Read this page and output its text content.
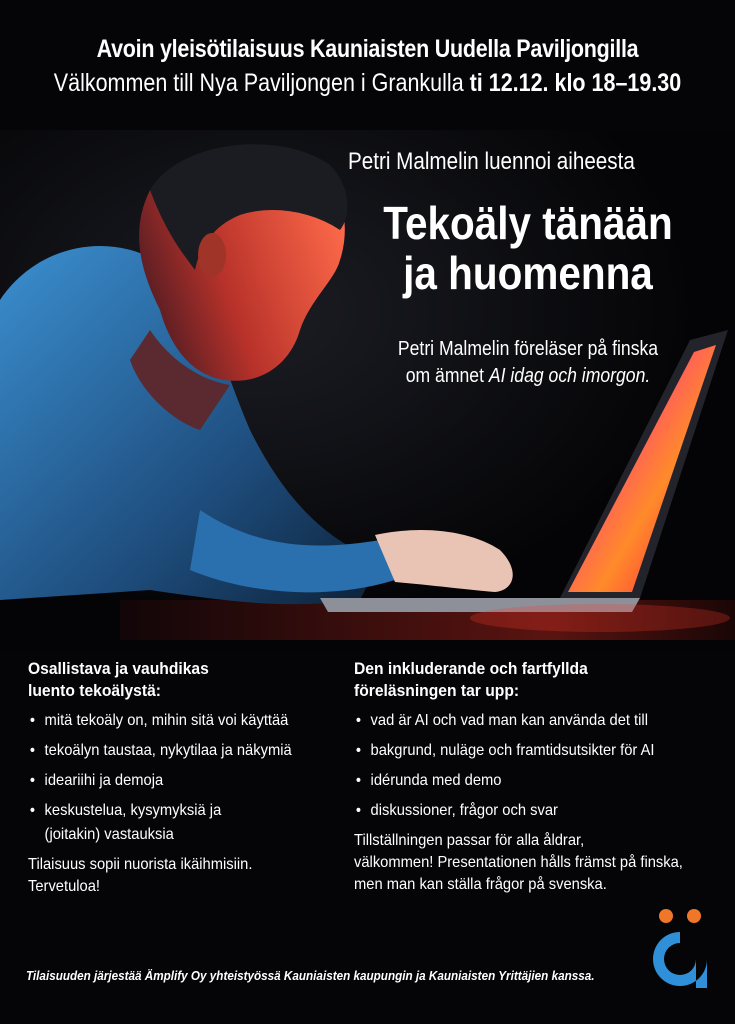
Avoin yleisötilaisuus Kauniaisten Uudella Paviljongilla
Välkommen till Nya Paviljongen i Grankulla ti 12.12. klo 18–19.30
Petri Malmelin luennoi aiheesta
Tekoäly tänään
ja huomenna
Petri Malmelin föreläser på finska
om ämnet AI idag och imorgon.
Osallistava ja vauhdikas
luento tekoälystä:
• mitä tekoäly on, mihin sitä voi käyttää
• tekoälyn taustaa, nykytilaa ja näkymiä
• ideariihi ja demoja
• keskustelua, kysymyksiä ja
(joitakin) vastauksia
Tilaisuus sopii nuorista ikäihmisiin.
Tervetuloa!
Den inkluderande och fartfyllda
föreläsningen tar upp:
• vad är AI och vad man kan använda det till
• bakgrund, nuläge och framtidsutsikter för AI
• idérunda med demo
• diskussioner, frågor och svar
Tillställningen passar för alla åldrar,
välkommen! Presentationen hålls främst på finska,
men man kan ställa frågor på svenska.
Tilaisuuden järjestää Ämplify Oy yhteistyössä Kauniaisten kaupungin ja Kauniaisten Yrittäjien kanssa.
